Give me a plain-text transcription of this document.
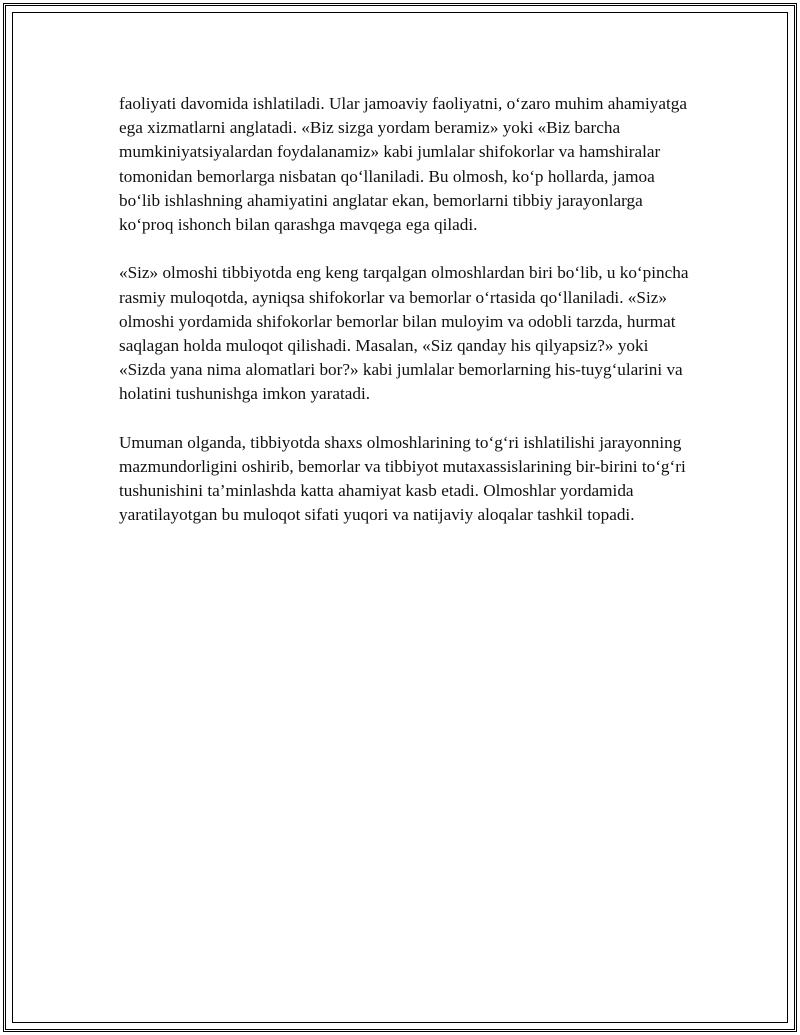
faoliyati davomida ishlatiladi. Ular jamoaviy faoliyatni, o‘zaro muhim ahamiyatga ega xizmatlarni anglatadi. «Biz sizga yordam beramiz» yoki «Biz barcha mumkiniyatsiyalardan foydalanamiz» kabi jumlalar shifokorlar va hamshiralar tomonidan bemorlarga nisbatan qo‘llaniladi. Bu olmosh, ko‘p hollarda, jamoa bo‘lib ishlashning ahamiyatini anglatar ekan, bemorlarni tibbiy jarayonlarga ko‘proq ishonch bilan qarashga mavqega ega qiladi.

«Siz» olmoshi tibbiyotda eng keng tarqalgan olmoshlardan biri bo‘lib, u ko‘pincha rasmiy muloqotda, ayniqsa shifokorlar va bemorlar o‘rtasida qo‘llaniladi. «Siz» olmoshi yordamida shifokorlar bemorlar bilan muloyim va odobli tarzda, hurmat saqlagan holda muloqot qilishadi. Masalan, «Siz qanday his qilyapsiz?» yoki «Sizda yana nima alomatlari bor?» kabi jumlalar bemorlarning his-tuyg‘ularini va holatini tushunishga imkon yaratadi.

Umuman olganda, tibbiyotda shaxs olmoshlarining to‘g‘ri ishlatilishi jarayonning mazmundorligini oshirib, bemorlar va tibbiyot mutaxassislarining bir-birini to‘g‘ri tushunishini ta’minlashda katta ahamiyat kasb etadi. Olmoshlar yordamida yaratilayotgan bu muloqot sifati yuqori va natijaviy aloqalar tashkil topadi.
